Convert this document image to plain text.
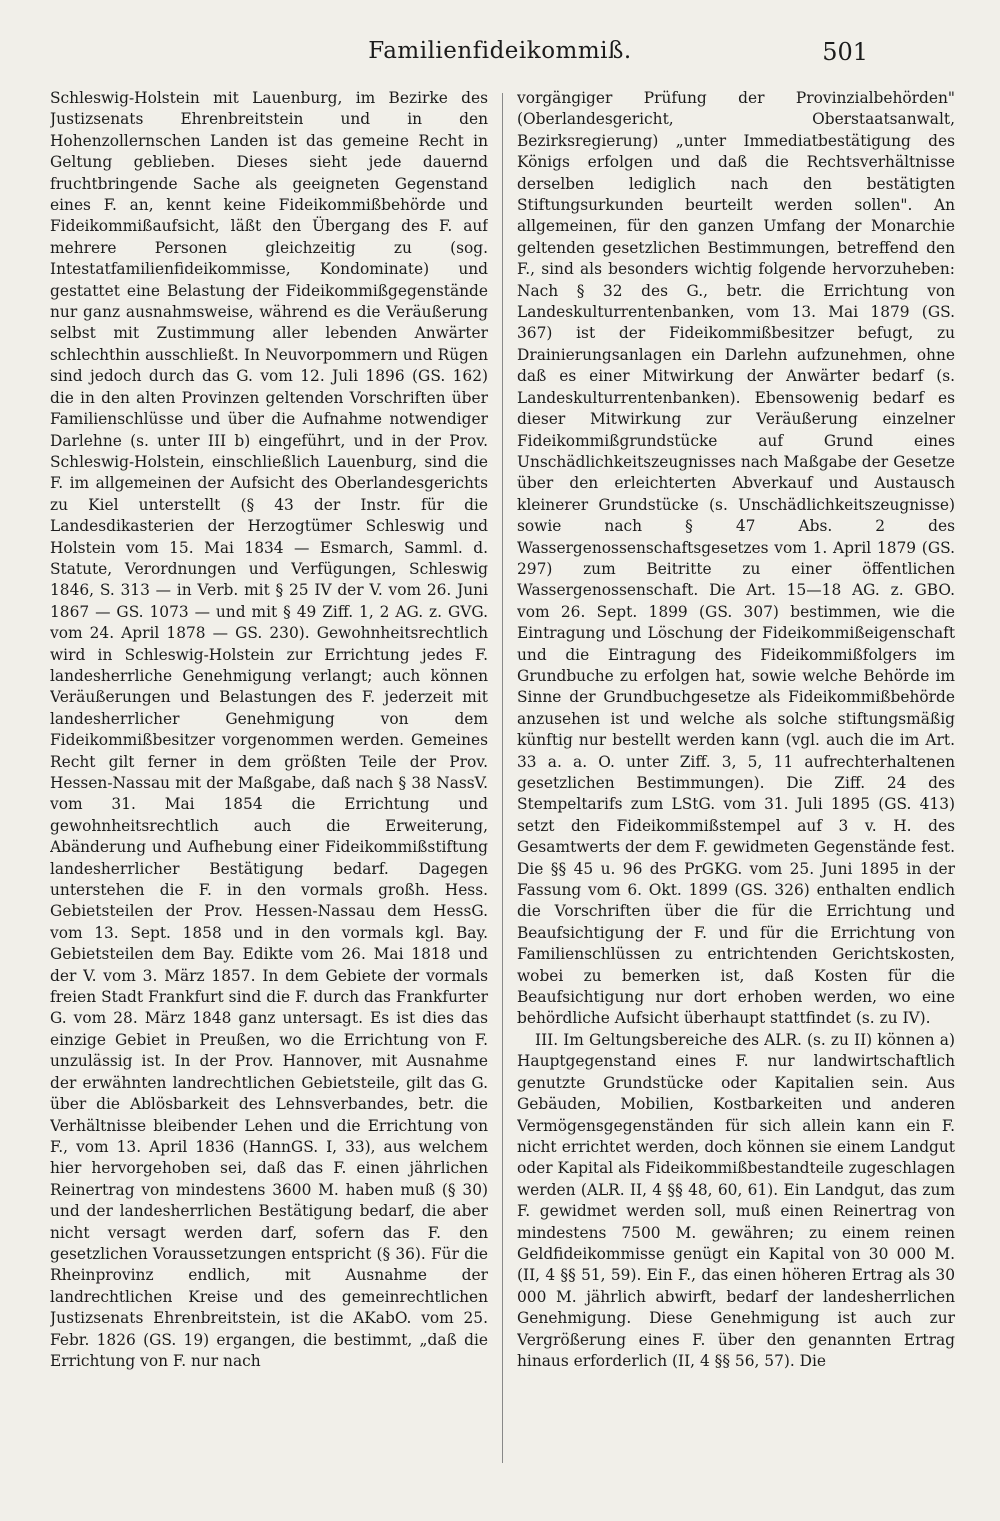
Familienfideikommiß.	501

Schleswig-Holstein mit Lauenburg, im Bezirke des Justizsenats Ehrenbreitstein und in den Hohenzollernschen Landen ist das gemeine Recht in Geltung geblieben. Dieses sieht jede dauernd fruchtbringende Sache als geeigneten Gegenstand eines F. an, kennt keine Fideikommißbehörde und Fideikommißaufsicht, läßt den Übergang des F. auf mehrere Personen gleichzeitig zu (sog. Intestatfamilienfideikommisse, Kondominate) und gestattet eine Belastung der Fideikommißgegenstände nur ganz ausnahmsweise, während es die Veräußerung selbst mit Zustimmung aller lebenden Anwärter schlechthin ausschließt. In Neuvorpommern und Rügen sind jedoch durch das G. vom 12. Juli 1896 (GS. 162) die in den alten Provinzen geltenden Vorschriften über Familienschlüsse und über die Aufnahme notwendiger Darlehne (s. unter III b) eingeführt, und in der Prov. Schleswig-Holstein, einschließlich Lauenburg, sind die F. im allgemeinen der Aufsicht des Oberlandesgerichts zu Kiel unterstellt (§ 43 der Instr. für die Landesdikasterien der Herzogtümer Schleswig und Holstein vom 15. Mai 1834 — Esmarch, Samml. d. Statute, Verordnungen und Verfügungen, Schleswig 1846, S. 313 — in Verb. mit § 25 IV der V. vom 26. Juni 1867 — GS. 1073 — und mit § 49 Ziff. 1, 2 AG. z. GVG. vom 24. April 1878 — GS. 230). Gewohnheitsrechtlich wird in Schleswig-Holstein zur Errichtung jedes F. landesherrliche Genehmigung verlangt; auch können Veräußerungen und Belastungen des F. jederzeit mit landesherrlicher Genehmigung von dem Fideikommißbesitzer vorgenommen werden. Gemeines Recht gilt ferner in dem größten Teile der Prov. Hessen-Nassau mit der Maßgabe, daß nach § 38 NassV. vom 31. Mai 1854 die Errichtung und gewohnheitsrechtlich auch die Erweiterung, Abänderung und Aufhebung einer Fideikommißstiftung landesherrlicher Bestätigung bedarf. Dagegen unterstehen die F. in den vormals großh. Hess. Gebietsteilen der Prov. Hessen-Nassau dem HessG. vom 13. Sept. 1858 und in den vormals kgl. Bay. Gebietsteilen dem Bay. Edikte vom 26. Mai 1818 und der V. vom 3. März 1857. In dem Gebiete der vormals freien Stadt Frankfurt sind die F. durch das Frankfurter G. vom 28. März 1848 ganz untersagt. Es ist dies das einzige Gebiet in Preußen, wo die Errichtung von F. unzulässig ist. In der Prov. Hannover, mit Ausnahme der erwähnten landrechtlichen Gebietsteile, gilt das G. über die Ablösbarkeit des Lehnsverbandes, betr. die Verhältnisse bleibender Lehen und die Errichtung von F., vom 13. April 1836 (HannGS. I, 33), aus welchem hier hervorgehoben sei, daß das F. einen jährlichen Reinertrag von mindestens 3600 M. haben muß (§ 30) und der landesherrlichen Bestätigung bedarf, die aber nicht versagt werden darf, sofern das F. den gesetzlichen Voraussetzungen entspricht (§ 36). Für die Rheinprovinz endlich, mit Ausnahme der landrechtlichen Kreise und des gemeinrechtlichen Justizsenats Ehrenbreitstein, ist die AKabO. vom 25. Febr. 1826 (GS. 19) ergangen, die bestimmt, „daß die Errichtung von F. nur nach

vorgängiger Prüfung der Provinzialbehörden" (Oberlandesgericht, Oberstaatsanwalt, Bezirksregierung) „unter Immediatbestätigung des Königs erfolgen und daß die Rechtsverhältnisse derselben lediglich nach den bestätigten Stiftungsurkunden beurteilt werden sollen". An allgemeinen, für den ganzen Umfang der Monarchie geltenden gesetzlichen Bestimmungen, betreffend den F., sind als besonders wichtig folgende hervorzuheben: Nach § 32 des G., betr. die Errichtung von Landeskulturrentenbanken, vom 13. Mai 1879 (GS. 367) ist der Fideikommißbesitzer befugt, zu Drainierungsanlagen ein Darlehn aufzunehmen, ohne daß es einer Mitwirkung der Anwärter bedarf (s. Landeskulturrentenbanken). Ebensowenig bedarf es dieser Mitwirkung zur Veräußerung einzelner Fideikommißgrundstücke auf Grund eines Unschädlichkeitszeugnisses nach Maßgabe der Gesetze über den erleichterten Abverkauf und Austausch kleinerer Grundstücke (s. Unschädlichkeitszeugnisse) sowie nach § 47 Abs. 2 des Wassergenossenschaftsgesetzes vom 1. April 1879 (GS. 297) zum Beitritte zu einer öffentlichen Wassergenossenschaft. Die Art. 15—18 AG. z. GBO. vom 26. Sept. 1899 (GS. 307) bestimmen, wie die Eintragung und Löschung der Fideikommißeigenschaft und die Eintragung des Fideikommißfolgers im Grundbuche zu erfolgen hat, sowie welche Behörde im Sinne der Grundbuchgesetze als Fideikommißbehörde anzusehen ist und welche als solche stiftungsmäßig künftig nur bestellt werden kann (vgl. auch die im Art. 33 a. a. O. unter Ziff. 3, 5, 11 aufrechterhaltenen gesetzlichen Bestimmungen). Die Ziff. 24 des Stempeltarifs zum LStG. vom 31. Juli 1895 (GS. 413) setzt den Fideikommißstempel auf 3 v. H. des Gesamtwerts der dem F. gewidmeten Gegenstände fest. Die §§ 45 u. 96 des PrGKG. vom 25. Juni 1895 in der Fassung vom 6. Okt. 1899 (GS. 326) enthalten endlich die Vorschriften über die für die Errichtung und Beaufsichtigung der F. und für die Errichtung von Familienschlüssen zu entrichtenden Gerichtskosten, wobei zu bemerken ist, daß Kosten für die Beaufsichtigung nur dort erhoben werden, wo eine behördliche Aufsicht überhaupt stattfindet (s. zu IV).

III. Im Geltungsbereiche des ALR. (s. zu II) können a) Hauptgegenstand eines F. nur landwirtschaftlich genutzte Grundstücke oder Kapitalien sein. Aus Gebäuden, Mobilien, Kostbarkeiten und anderen Vermögensgegenständen für sich allein kann ein F. nicht errichtet werden, doch können sie einem Landgut oder Kapital als Fideikommißbestandteile zugeschlagen werden (ALR. II, 4 §§ 48, 60, 61). Ein Landgut, das zum F. gewidmet werden soll, muß einen Reinertrag von mindestens 7500 M. gewähren; zu einem reinen Geldfideikommisse genügt ein Kapital von 30 000 M. (II, 4 §§ 51, 59). Ein F., das einen höheren Ertrag als 30 000 M. jährlich abwirft, bedarf der landesherrlichen Genehmigung. Diese Genehmigung ist auch zur Vergrößerung eines F. über den genannten Ertrag hinaus erforderlich (II, 4 §§ 56, 57). Die
